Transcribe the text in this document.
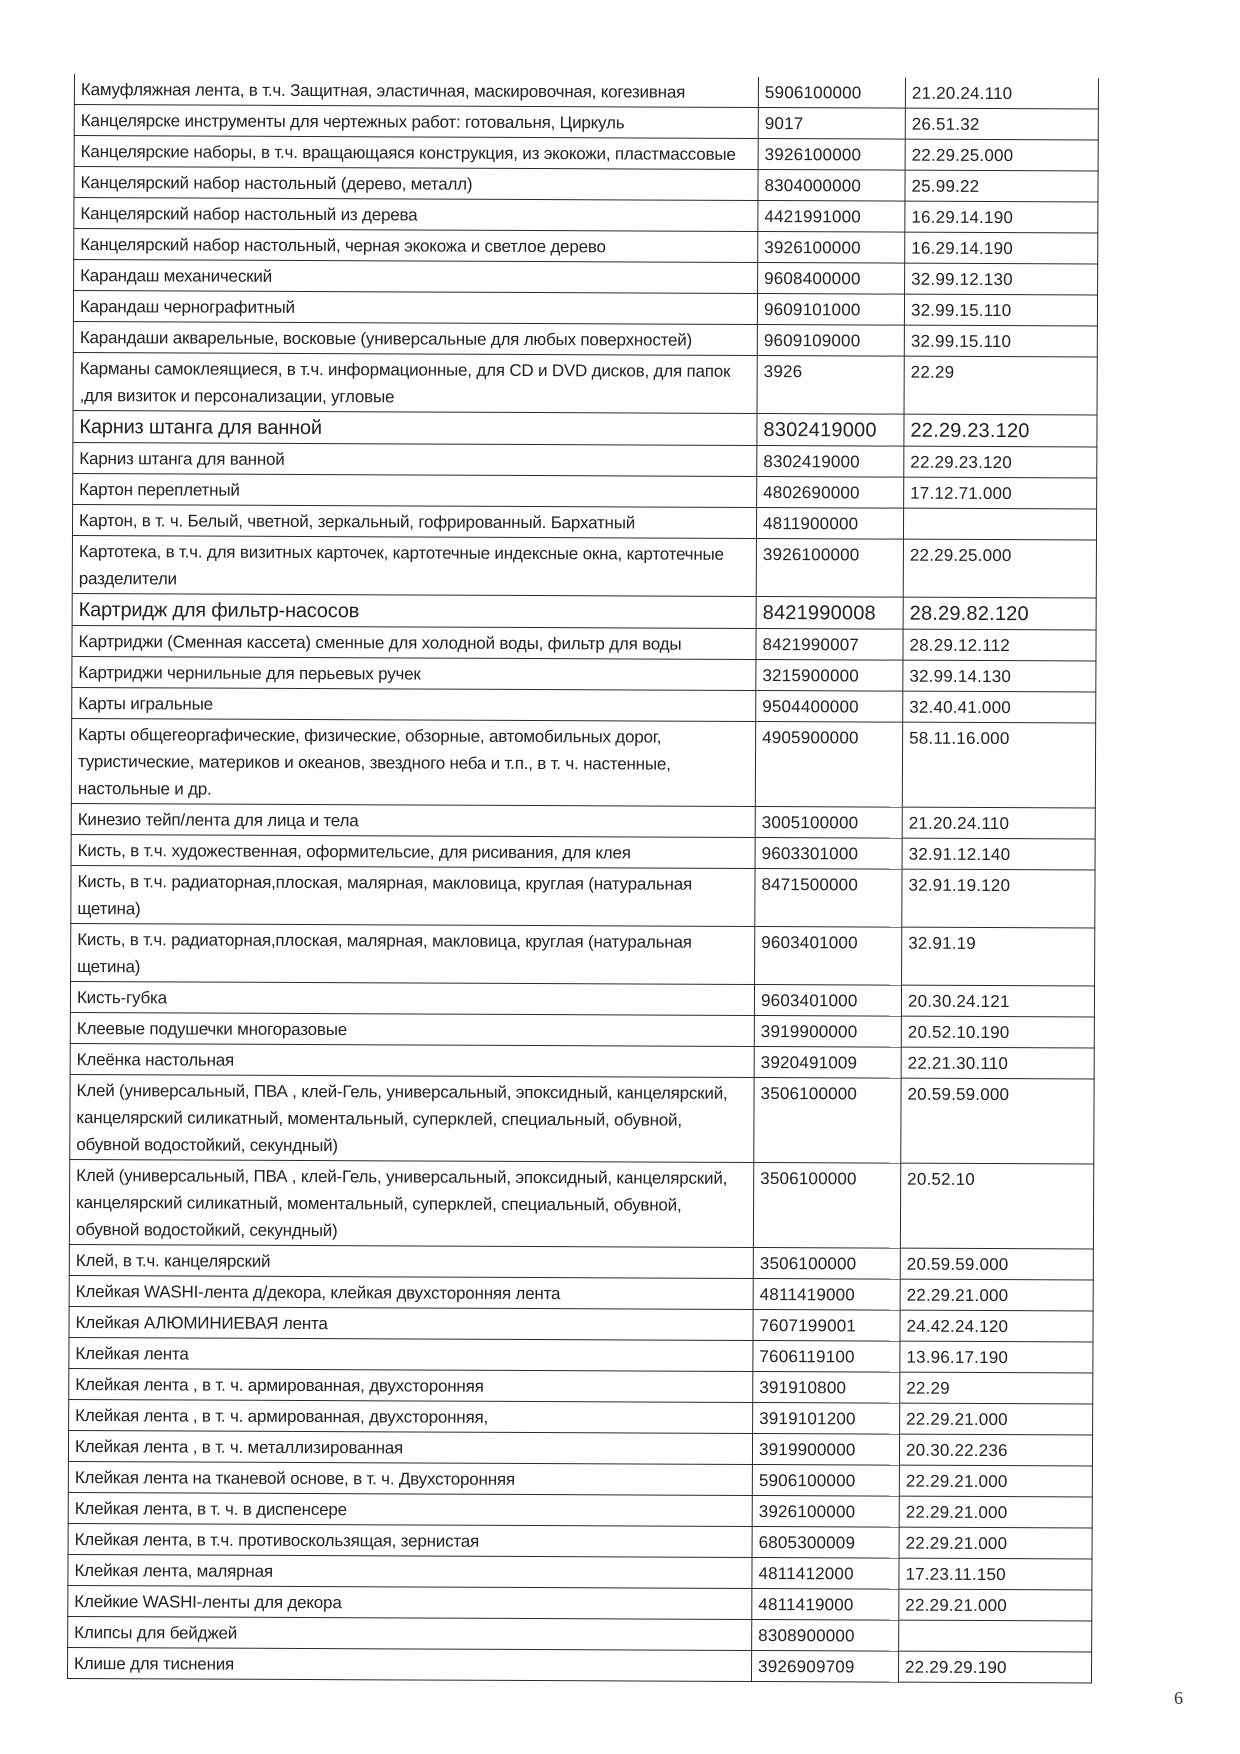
Камуфляжная лента, в т.ч. Защитная, эластичная, маскировочная, когезивная	5906100000	21.20.24.110
Канцелярске инструменты для чертежных работ: готовальня, Циркуль	9017	26.51.32
Канцелярские наборы, в т.ч. вращающаяся конструкция, из экокожи, пластмассовые	3926100000	22.29.25.000
Канцелярский набор настольный (дерево, металл)	8304000000	25.99.22
Канцелярский набор настольный из дерева	4421991000	16.29.14.190
Канцелярский набор настольный, черная экокожа и светлое дерево	3926100000	16.29.14.190
Карандаш механический	9608400000	32.99.12.130
Карандаш чернографитный	9609101000	32.99.15.110
Карандаши акварельные, восковые (универсальные для любых поверхностей)	9609109000	32.99.15.110
Карманы самоклеящиеся, в т.ч. информационные, для CD и DVD дисков, для папок ,для визиток и персонализации, угловые	3926	22.29
Карниз штанга для ванной	8302419000	22.29.23.120
Карниз штанга для ванной	8302419000	22.29.23.120
Картон переплетный	4802690000	17.12.71.000
Картон, в т. ч. Белый, чветной, зеркальный, гофрированный. Бархатный	4811900000	
Картотека, в т.ч. для визитных карточек, картотечные индексные окна, картотечные разделители	3926100000	22.29.25.000
Картридж для фильтр-насосов	8421990008	28.29.82.120
Картриджи (Сменная кассета) сменные для холодной воды, фильтр для воды	8421990007	28.29.12.112
Картриджи чернильные для перьевых ручек	3215900000	32.99.14.130
Карты игральные	9504400000	32.40.41.000
Карты общегеоргафические, физические, обзорные, автомобильных дорог, туристические, материков и океанов, звездного неба и т.п., в т. ч. настенные, настольные и др.	4905900000	58.11.16.000
Кинезио тейп/лента для лица и тела	3005100000	21.20.24.110
Кисть, в т.ч. художественная, оформительсие, для рисивания, для клея	9603301000	32.91.12.140
Кисть, в т.ч. радиаторная,плоская, малярная, макловица, круглая (натуральная щетина)	8471500000	32.91.19.120
Кисть, в т.ч. радиаторная,плоская, малярная, макловица, круглая (натуральная щетина)	9603401000	32.91.19
Кисть-губка	9603401000	20.30.24.121
Клеевые подушечки многоразовые	3919900000	20.52.10.190
Клеёнка настольная	3920491009	22.21.30.110
Клей (универсальный, ПВА , клей-Гель, универсальный, эпоксидный, канцелярский, канцелярский силикатный, моментальный, суперклей, специальный, обувной, обувной водостойкий, секундный)	3506100000	20.59.59.000
Клей (универсальный, ПВА , клей-Гель, универсальный, эпоксидный, канцелярский, канцелярский силикатный, моментальный, суперклей, специальный, обувной, обувной водостойкий, секундный)	3506100000	20.52.10
Клей, в т.ч. канцелярский	3506100000	20.59.59.000
Клейкая WASHI-лента д/декора, клейкая двухсторонняя лента	4811419000	22.29.21.000
Клейкая АЛЮМИНИЕВАЯ лента	7607199001	24.42.24.120
Клейкая лента	7606119100	13.96.17.190
Клейкая лента , в т. ч. армированная, двухсторонняя	391910800	22.29
Клейкая лента , в т. ч. армированная, двухсторонняя,	3919101200	22.29.21.000
Клейкая лента , в т. ч. металлизированная	3919900000	20.30.22.236
Клейкая лента на тканевой основе, в т. ч. Двухсторонняя	5906100000	22.29.21.000
Клейкая лента, в т. ч. в диспенсере	3926100000	22.29.21.000
Клейкая лента, в т.ч. противоскользящая, зернистая	6805300009	22.29.21.000
Клейкая лента, малярная	4811412000	17.23.11.150
Клейкие WASHI-ленты для декора	4811419000	22.29.21.000
Клипсы для бейджей	8308900000	
Клише для тиснения	3926909709	22.29.29.190
6
